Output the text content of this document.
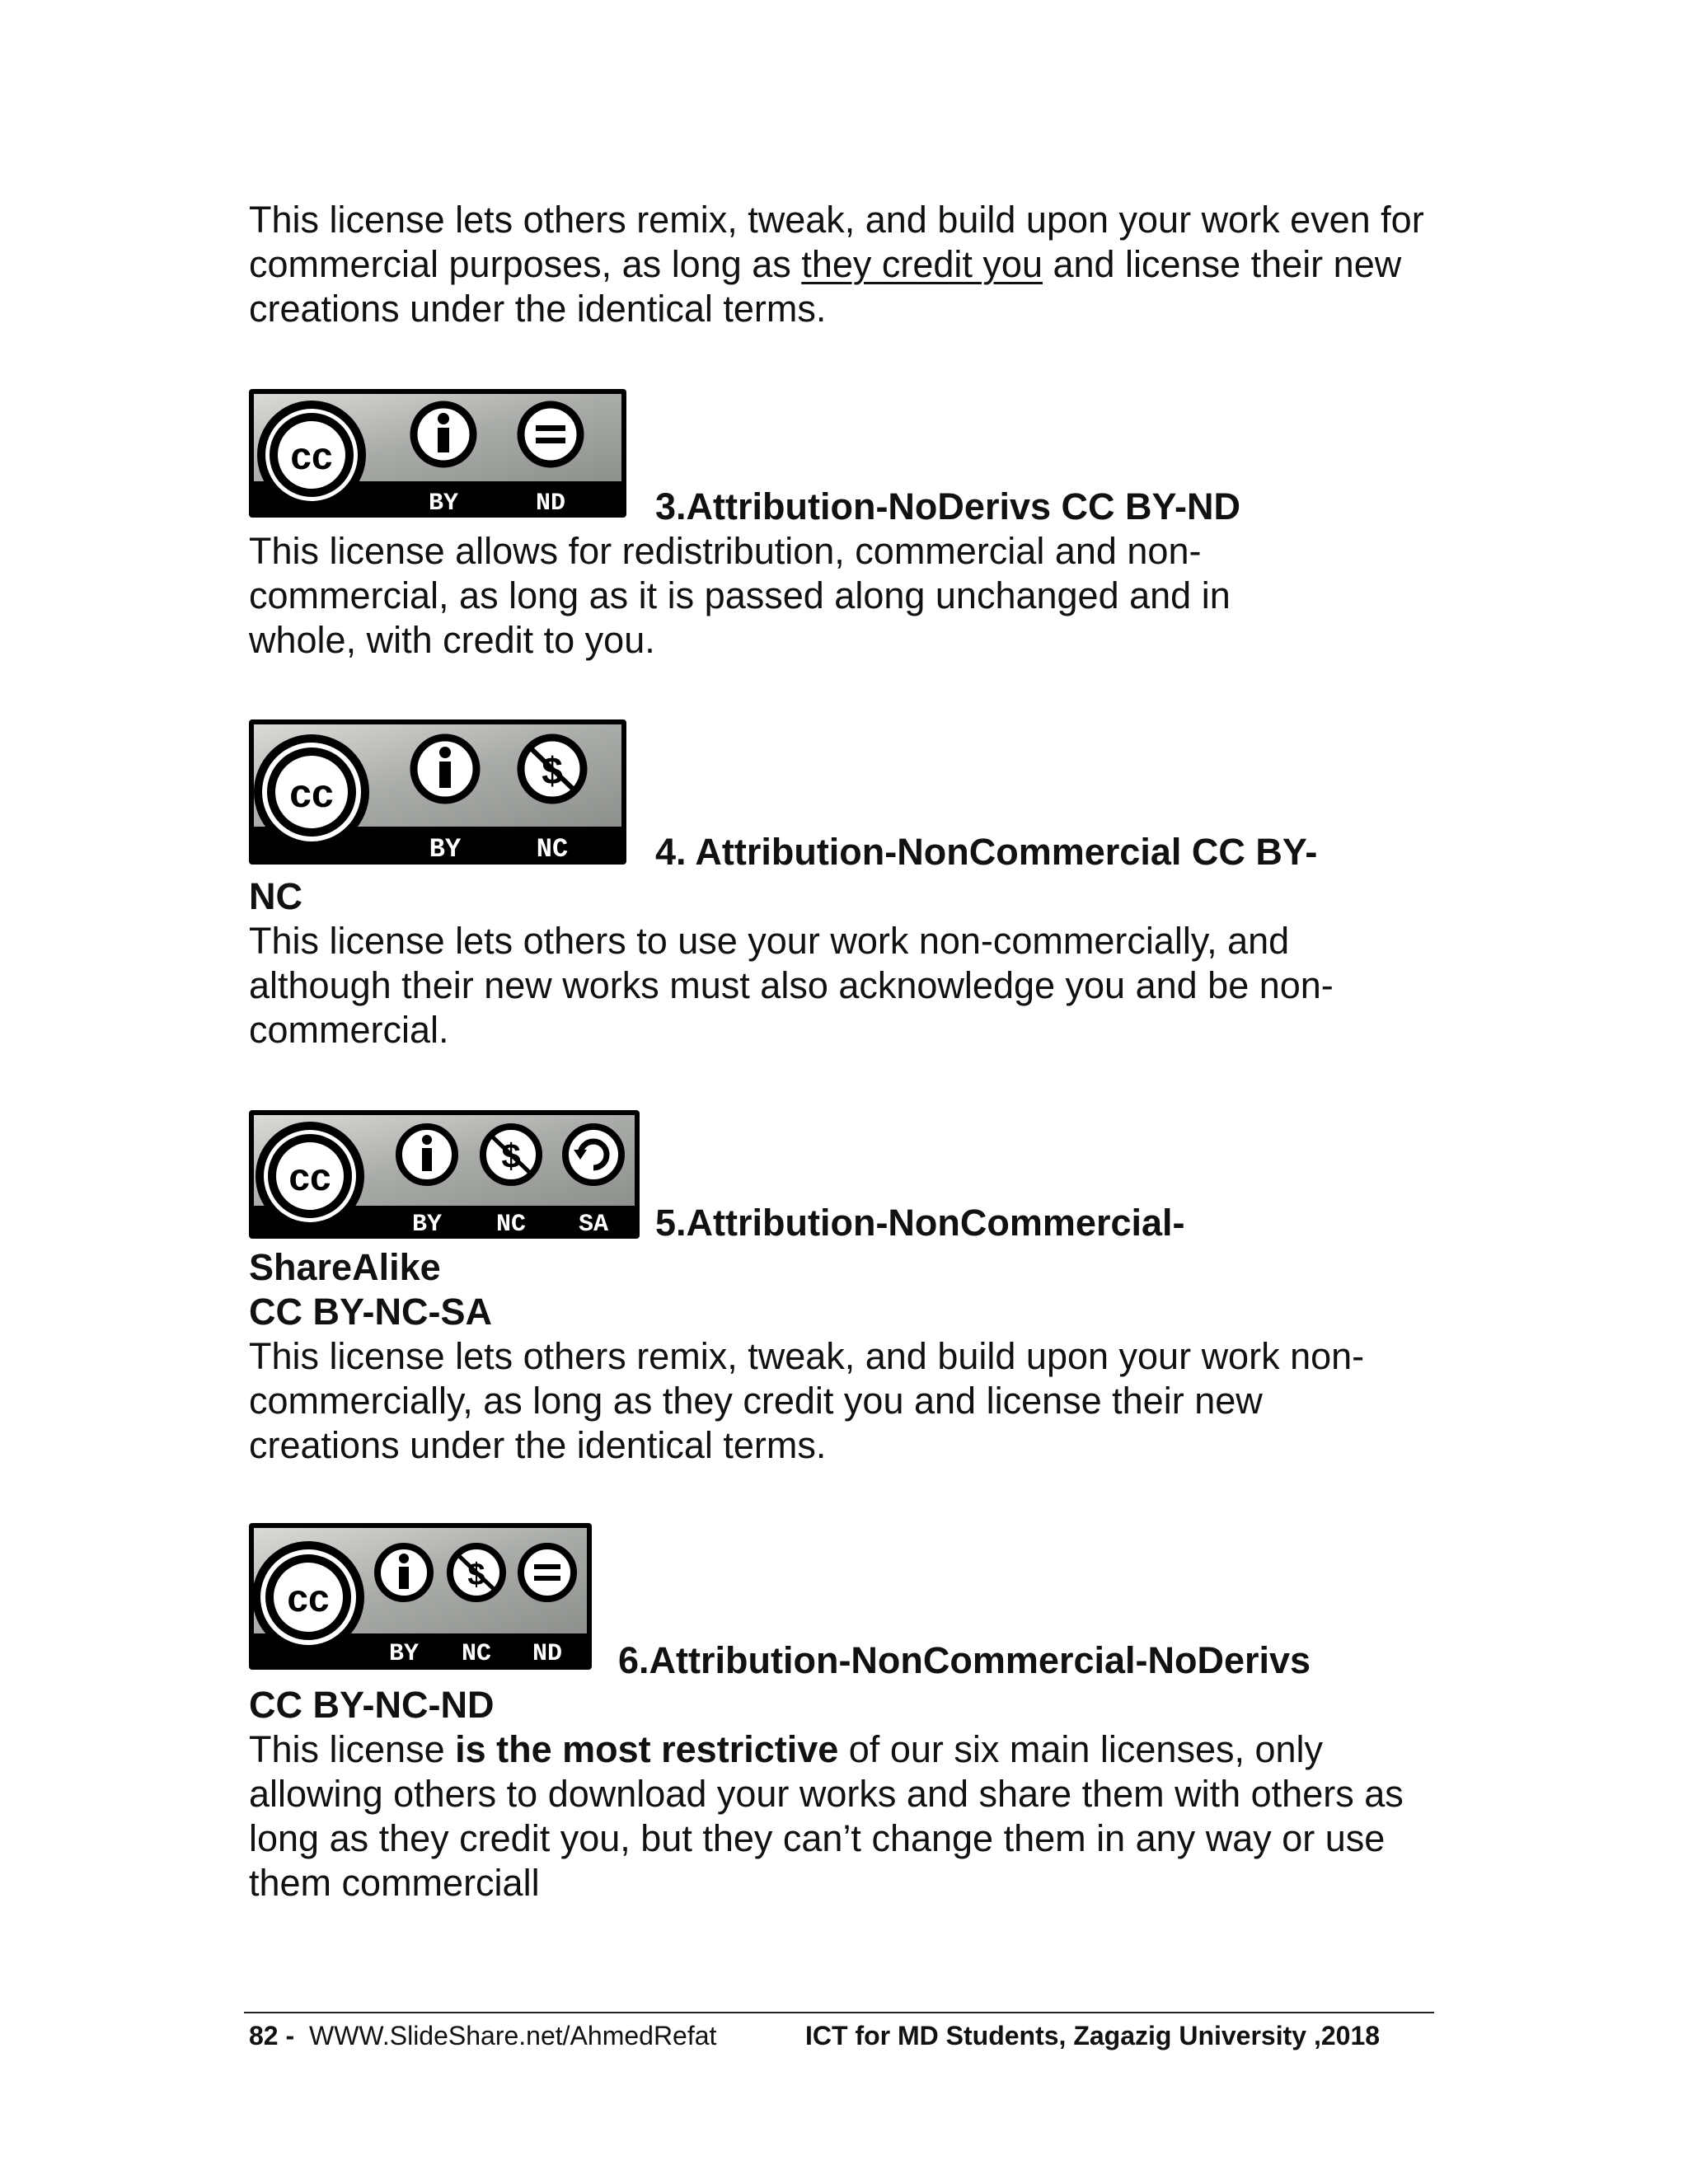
This license lets others remix, tweak, and build upon your work even for commercial purposes, as long as they credit you and license their new creations under the identical terms.

cc
BY	ND 3.Attribution-NoDerivs CC BY-ND

This license allows for redistribution, commercial and non-commercial, as long as it is passed along unchanged and in whole, with credit to you.

cc
$
BY	NC 4. Attribution-NonCommercial CC BY-

NC

This license lets others to use your work non-commercially, and although their new works must also acknowledge you and be non-commercial.

cc	$
BY NC SA 5.Attribution-NonCommercial-

ShareAlike

CC BY-NC-SA

This license lets others remix, tweak, and build upon your work non-commercially, as long as they credit you and license their new creations under the identical terms.

cc
$
BY NC ND 6.Attribution-NonCommercial-NoDerivs

CC BY-NC-ND

This license is the most restrictive of our six main licenses, only allowing others to download your works and share them with others as long as they credit you, but they can’t change them in any way or use them commerciall

82 - WWW.SlideShare.net/AhmedRefat	ICT for MD Students, Zagazig University ,2018
